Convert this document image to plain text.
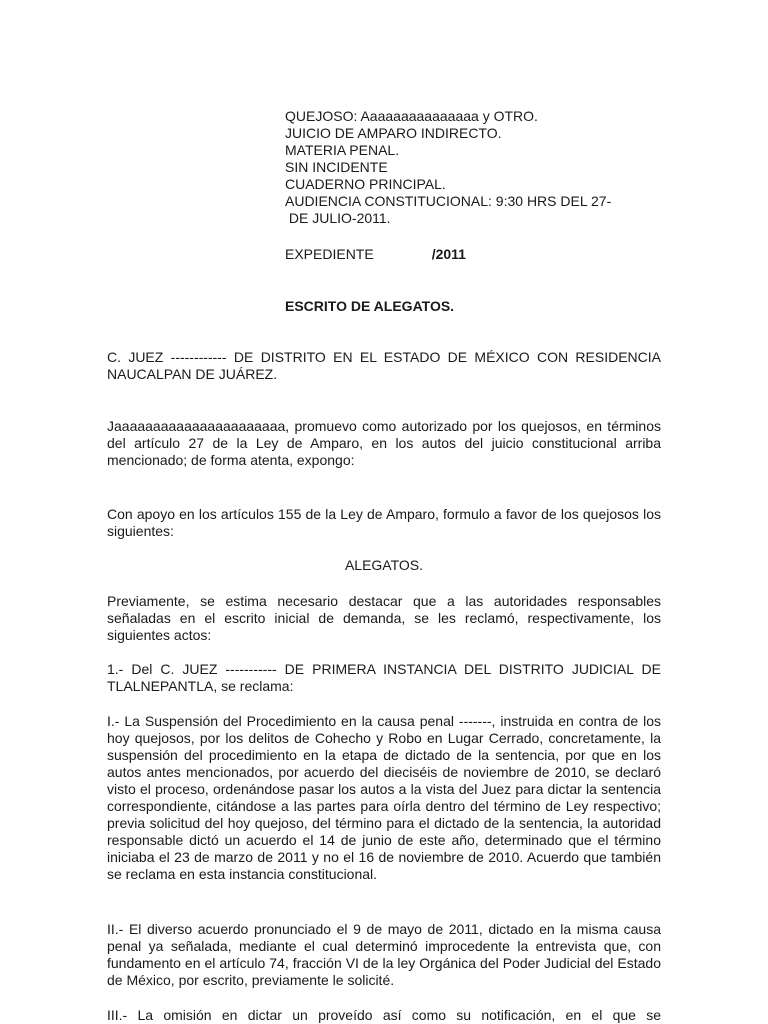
QUEJOSO: Aaaaaaaaaaaaaaa y OTRO.
JUICIO DE AMPARO INDIRECTO.
MATERIA PENAL.
SIN INCIDENTE
CUADERNO PRINCIPAL.
AUDIENCIA CONSTITUCIONAL: 9:30 HRS DEL 27-
DE JULIO-2011.
EXPEDIENTE	/2011
ESCRITO DE ALEGATOS.

C. JUEZ ------------ DE DISTRITO EN EL ESTADO DE MÉXICO CON RESIDENCIA NAUCALPAN DE JUÁREZ.

Jaaaaaaaaaaaaaaaaaaaaaa, promuevo como autorizado por los quejosos, en términos del artículo 27 de la Ley de Amparo, en los autos del juicio constitucional arriba mencionado; de forma atenta, expongo:

Con apoyo en los artículos 155 de la Ley de Amparo, formulo a favor de los quejosos los siguientes:

ALEGATOS.

Previamente, se estima necesario destacar que a las autoridades responsables señaladas en el escrito inicial de demanda, se les reclamó, respectivamente, los siguientes actos:

1.- Del C. JUEZ ----------- DE PRIMERA INSTANCIA DEL DISTRITO JUDICIAL DE TLALNEPANTLA, se reclama:

I.- La Suspensión del Procedimiento en la causa penal -------, instruida en contra de los hoy quejosos, por los delitos de Cohecho y Robo en Lugar Cerrado, concretamente, la suspensión del procedimiento en la etapa de dictado de la sentencia, por que en los autos antes mencionados, por acuerdo del dieciséis de noviembre de 2010, se declaró visto el proceso, ordenándose pasar los autos a la vista del Juez para dictar la sentencia correspondiente, citándose a las partes para oírla dentro del término de Ley respectivo; previa solicitud del hoy quejoso, del término para el dictado de la sentencia, la autoridad responsable dictó un acuerdo el 14 de junio de este año, determinado que el término iniciaba el 23 de marzo de 2011 y no el 16 de noviembre de 2010. Acuerdo que también se reclama en esta instancia constitucional.

II.- El diverso acuerdo pronunciado el 9 de mayo de 2011, dictado en la misma causa penal ya señalada, mediante el cual determinó improcedente la entrevista que, con fundamento en el artículo 74, fracción VI de la ley Orgánica del Poder Judicial del Estado de México, por escrito, previamente le solicité.

III.- La omisión en dictar un proveído así como su notificación, en el que se
